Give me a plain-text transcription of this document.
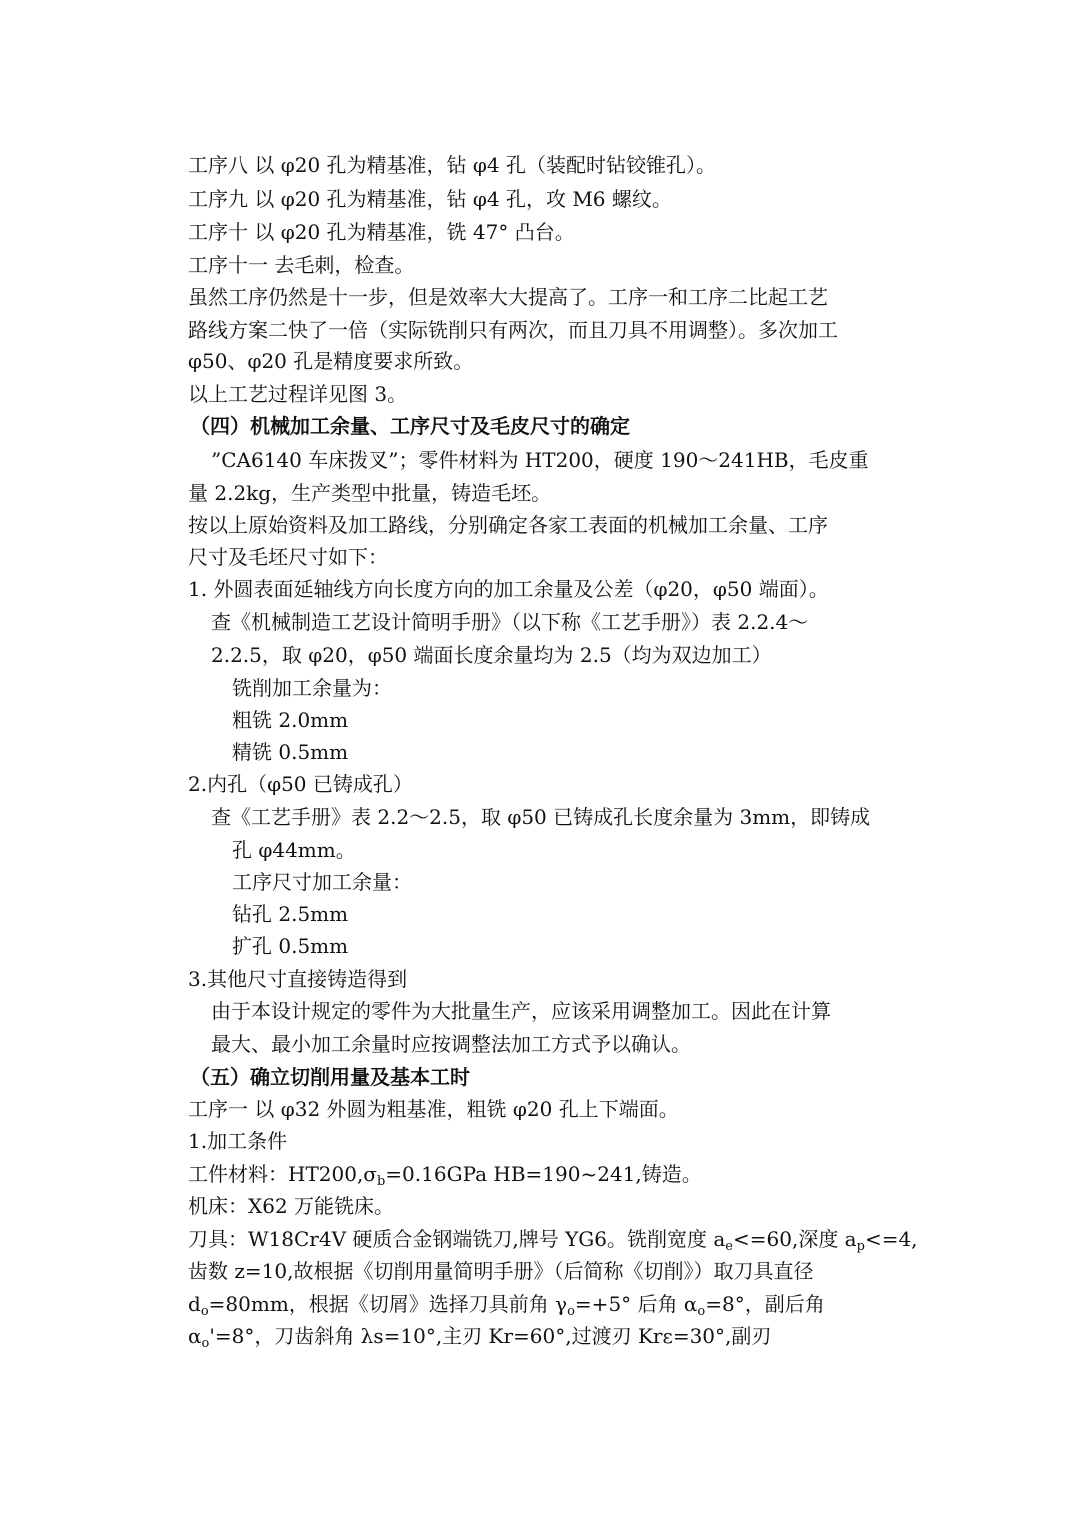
工序八 以 φ20 孔为精基准，钻 φ4 孔（装配时钻铰锥孔）。
工序九 以 φ20 孔为精基准，钻 φ4 孔，攻 M6 螺纹。
工序十 以 φ20 孔为精基准，铣 47° 凸台。
工序十一 去毛刺，检查。
虽然工序仍然是十一步，但是效率大大提高了。工序一和工序二比起工艺
路线方案二快了一倍（实际铣削只有两次，而且刀具不用调整）。多次加工
φ50、φ20 孔是精度要求所致。
以上工艺过程详见图 3。
（四）机械加工余量、工序尺寸及毛皮尺寸的确定
”CA6140 车床拨叉”；零件材料为 HT200，硬度 190～241HB，毛皮重
量 2.2kg，生产类型中批量，铸造毛坯。
按以上原始资料及加工路线，分别确定各家工表面的机械加工余量、工序
尺寸及毛坯尺寸如下：
1. 外圆表面延轴线方向长度方向的加工余量及公差（φ20，φ50 端面）。
查《机械制造工艺设计简明手册》（以下称《工艺手册》）表 2.2.4～
2.2.5，取 φ20，φ50 端面长度余量均为 2.5（均为双边加工）
铣削加工余量为：
粗铣 2.0mm
精铣 0.5mm
2.内孔（φ50 已铸成孔）
查《工艺手册》表 2.2～2.5，取 φ50 已铸成孔长度余量为 3mm，即铸成
孔 φ44mm。
工序尺寸加工余量：
钻孔 2.5mm
扩孔 0.5mm
3.其他尺寸直接铸造得到
由于本设计规定的零件为大批量生产，应该采用调整加工。因此在计算
最大、最小加工余量时应按调整法加工方式予以确认。
（五）确立切削用量及基本工时
工序一 以 φ32 外圆为粗基准，粗铣 φ20 孔上下端面。
1.加工条件
工件材料：$HT200,\sigma_b=0.16GPa$ HB=190~241,铸造。
机床：X62 万能铣床。
刀具：W18Cr4V 硬质合金钢端铣刀,牌号 YG6。铣削宽度 $a_e<=60$,深度 $a_p<=4$,
齿数 z=10,故根据《切削用量简明手册》（后简称《切削》）取刀具直径
$d_o=80mm$，根据《切屑》选择刀具前角 $\gamma_o=+5^\circ$ 后角 $\alpha_o=8^\circ$，副后角
$\alpha_o'=8^\circ$，刀齿斜角 λs=10°,主刃 Kr=60°,过渡刃 Krε=30°,副刃
